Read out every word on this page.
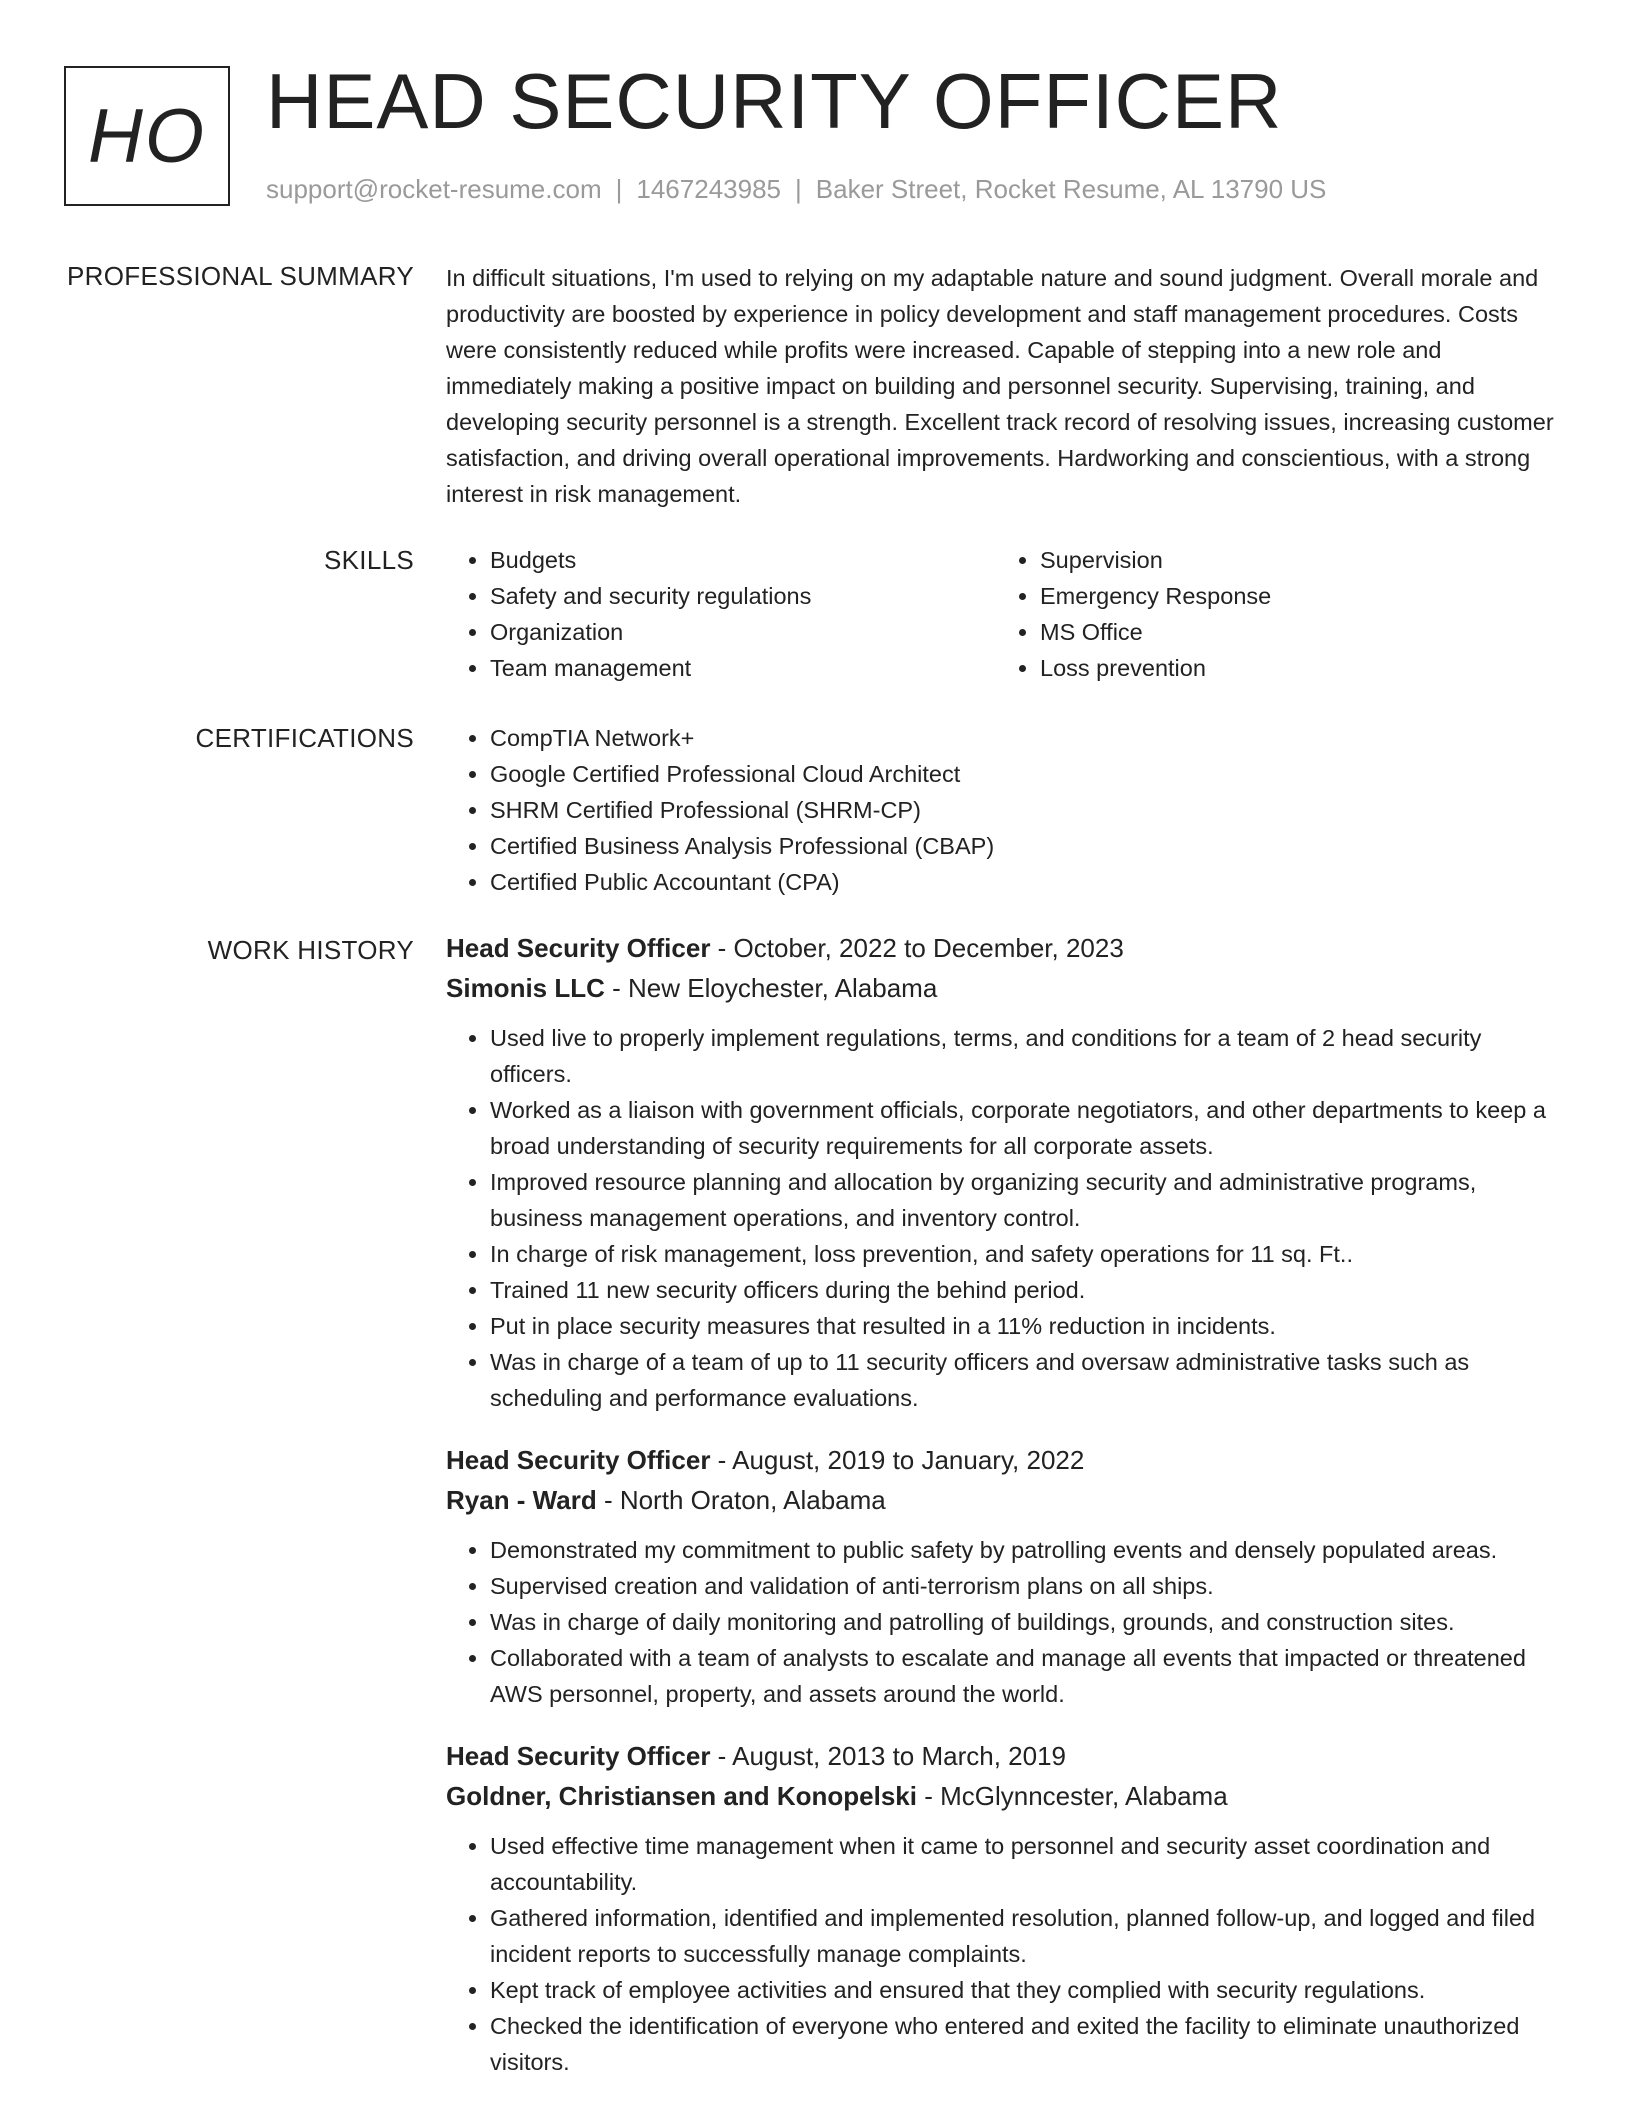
HO HEAD SECURITY OFFICER
support@rocket-resume.com | 1467243985 | Baker Street, Rocket Resume, AL 13790 US
PROFESSIONAL SUMMARY In difficult situations, I'm used to relying on my adaptable nature and sound judgment. Overall morale and productivity are boosted by experience in policy development and staff management procedures. Costs were consistently reduced while profits were increased. Capable of stepping into a new role and immediately making a positive impact on building and personnel security. Supervising, training, and developing security personnel is a strength. Excellent track record of resolving issues, increasing customer satisfaction, and driving overall operational improvements. Hardworking and conscientious, with a strong interest in risk management.
SKILLS	• Budgets
• Safety and security regulations
• Organization
• Team management
• Supervision
• Emergency Response
• MS Office
• Loss prevention
CERTIFICATIONS	• CompTIA Network+
• Google Certified Professional Cloud Architect
• SHRM Certified Professional (SHRM-CP)
• Certified Business Analysis Professional (CBAP)
• Certified Public Accountant (CPA)
WORK HISTORY Head Security Officer - October, 2022 to December, 2023
Simonis LLC - New Eloychester, Alabama
• Used live to properly implement regulations, terms, and conditions for a team of 2 head security officers.
• Worked as a liaison with government officials, corporate negotiators, and other departments to keep a broad understanding of security requirements for all corporate assets.
• Improved resource planning and allocation by organizing security and administrative programs, business management operations, and inventory control.
• In charge of risk management, loss prevention, and safety operations for 11 sq. Ft..
• Trained 11 new security officers during the behind period.
• Put in place security measures that resulted in a 11% reduction in incidents.
• Was in charge of a team of up to 11 security officers and oversaw administrative tasks such as scheduling and performance evaluations.
Head Security Officer - August, 2019 to January, 2022
Ryan - Ward - North Oraton, Alabama
• Demonstrated my commitment to public safety by patrolling events and densely populated areas.
• Supervised creation and validation of anti-terrorism plans on all ships.
• Was in charge of daily monitoring and patrolling of buildings, grounds, and construction sites.
• Collaborated with a team of analysts to escalate and manage all events that impacted or threatened AWS personnel, property, and assets around the world.
Head Security Officer - August, 2013 to March, 2019
Goldner, Christiansen and Konopelski - McGlynncester, Alabama
• Used effective time management when it came to personnel and security asset coordination and accountability.
• Gathered information, identified and implemented resolution, planned follow-up, and logged and filed incident reports to successfully manage complaints.
• Kept track of employee activities and ensured that they complied with security regulations.
• Checked the identification of everyone who entered and exited the facility to eliminate unauthorized visitors.
